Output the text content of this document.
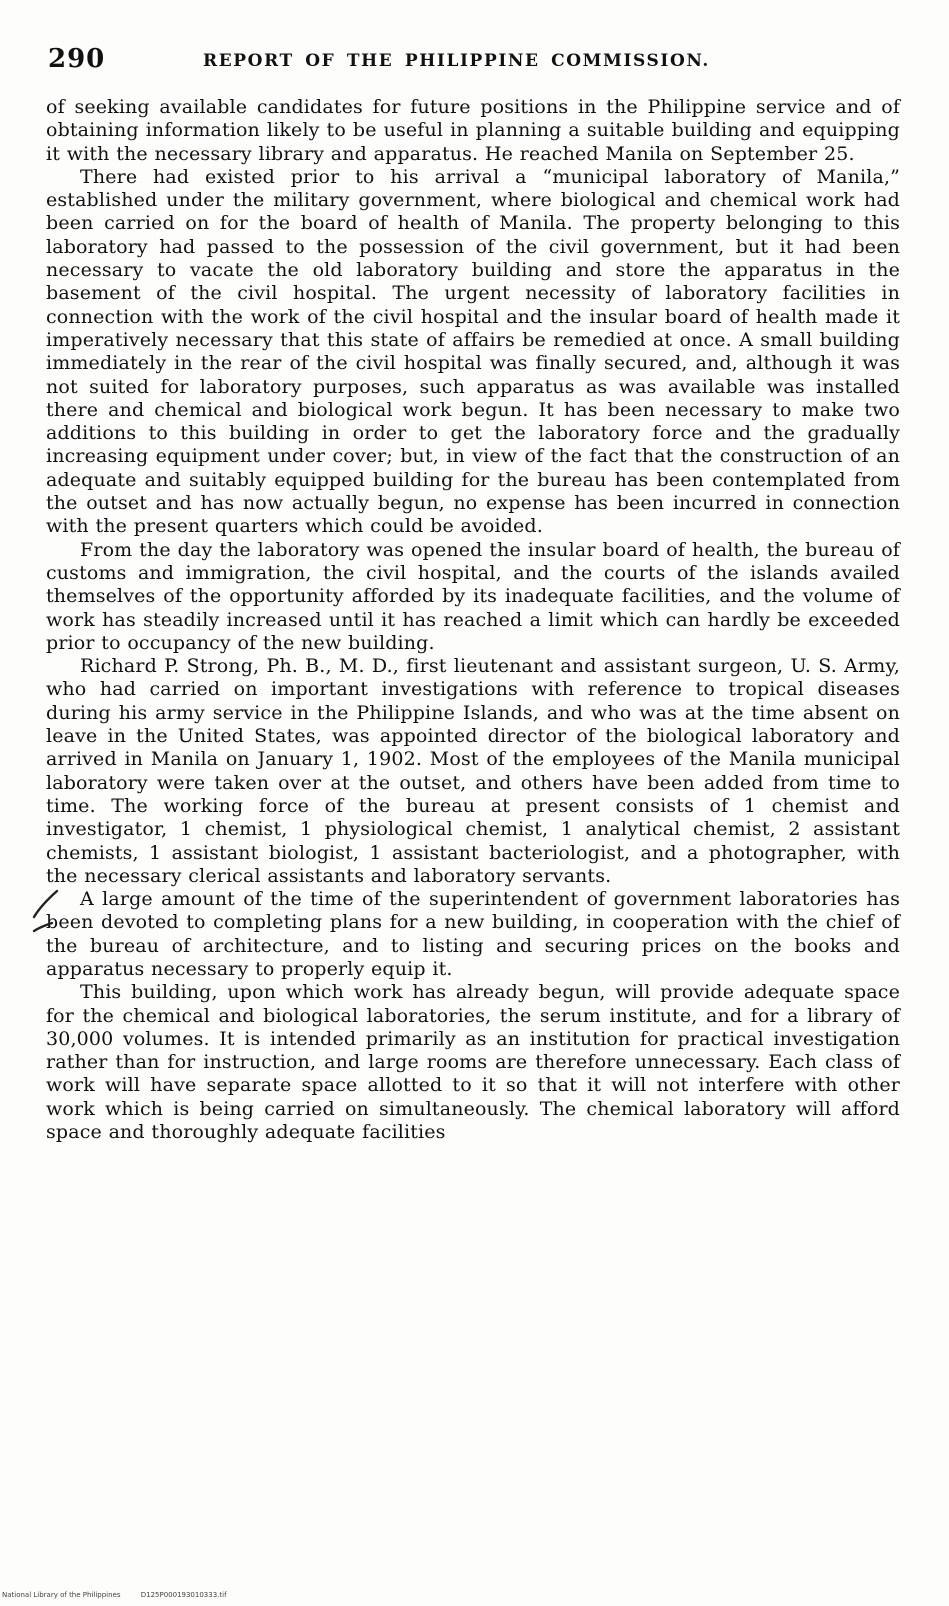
290	REPORT OF THE PHILIPPINE COMMISSION.

of seeking available candidates for future positions in the Philippine service and of obtaining information likely to be useful in planning a suitable building and equipping it with the necessary library and apparatus. He reached Manila on September 25.

There had existed prior to his arrival a “municipal laboratory of Manila,” established under the military government, where biological and chemical work had been carried on for the board of health of Manila. The property belonging to this laboratory had passed to the possession of the civil government, but it had been necessary to vacate the old laboratory building and store the apparatus in the basement of the civil hospital. The urgent necessity of laboratory facilities in connection with the work of the civil hospital and the insular board of health made it imperatively necessary that this state of affairs be remedied at once. A small building immediately in the rear of the civil hospital was finally secured, and, although it was not suited for laboratory purposes, such apparatus as was available was installed there and chemical and biological work begun. It has been necessary to make two additions to this building in order to get the laboratory force and the gradually increasing equipment under cover; but, in view of the fact that the construction of an adequate and suitably equipped building for the bureau has been contemplated from the outset and has now actually begun, no expense has been incurred in connection with the present quarters which could be avoided.

From the day the laboratory was opened the insular board of health, the bureau of customs and immigration, the civil hospital, and the courts of the islands availed themselves of the opportunity afforded by its inadequate facilities, and the volume of work has steadily increased until it has reached a limit which can hardly be exceeded prior to occupancy of the new building.

Richard P. Strong, Ph. B., M. D., first lieutenant and assistant surgeon, U. S. Army, who had carried on important investigations with reference to tropical diseases during his army service in the Philippine Islands, and who was at the time absent on leave in the United States, was appointed director of the biological laboratory and arrived in Manila on January 1, 1902. Most of the employees of the Manila municipal laboratory were taken over at the outset, and others have been added from time to time. The working force of the bureau at present consists of 1 chemist and investigator, 1 chemist, 1 physiological chemist, 1 analytical chemist, 2 assistant chemists, 1 assistant biologist, 1 assistant bacteriologist, and a photographer, with the necessary clerical assistants and laboratory servants.

A large amount of the time of the superintendent of government laboratories has been devoted to completing plans for a new building, in cooperation with the chief of the bureau of architecture, and to listing and securing prices on the books and apparatus necessary to properly equip it.

This building, upon which work has already begun, will provide adequate space for the chemical and biological laboratories, the serum institute, and for a library of 30,000 volumes. It is intended primarily as an institution for practical investigation rather than for instruction, and large rooms are therefore unnecessary. Each class of work will have separate space allotted to it so that it will not interfere with other work which is being carried on simultaneously. The chemical laboratory will afford space and thoroughly adequate facilities

National Library of the Philippines	D125P000193010333.tif
